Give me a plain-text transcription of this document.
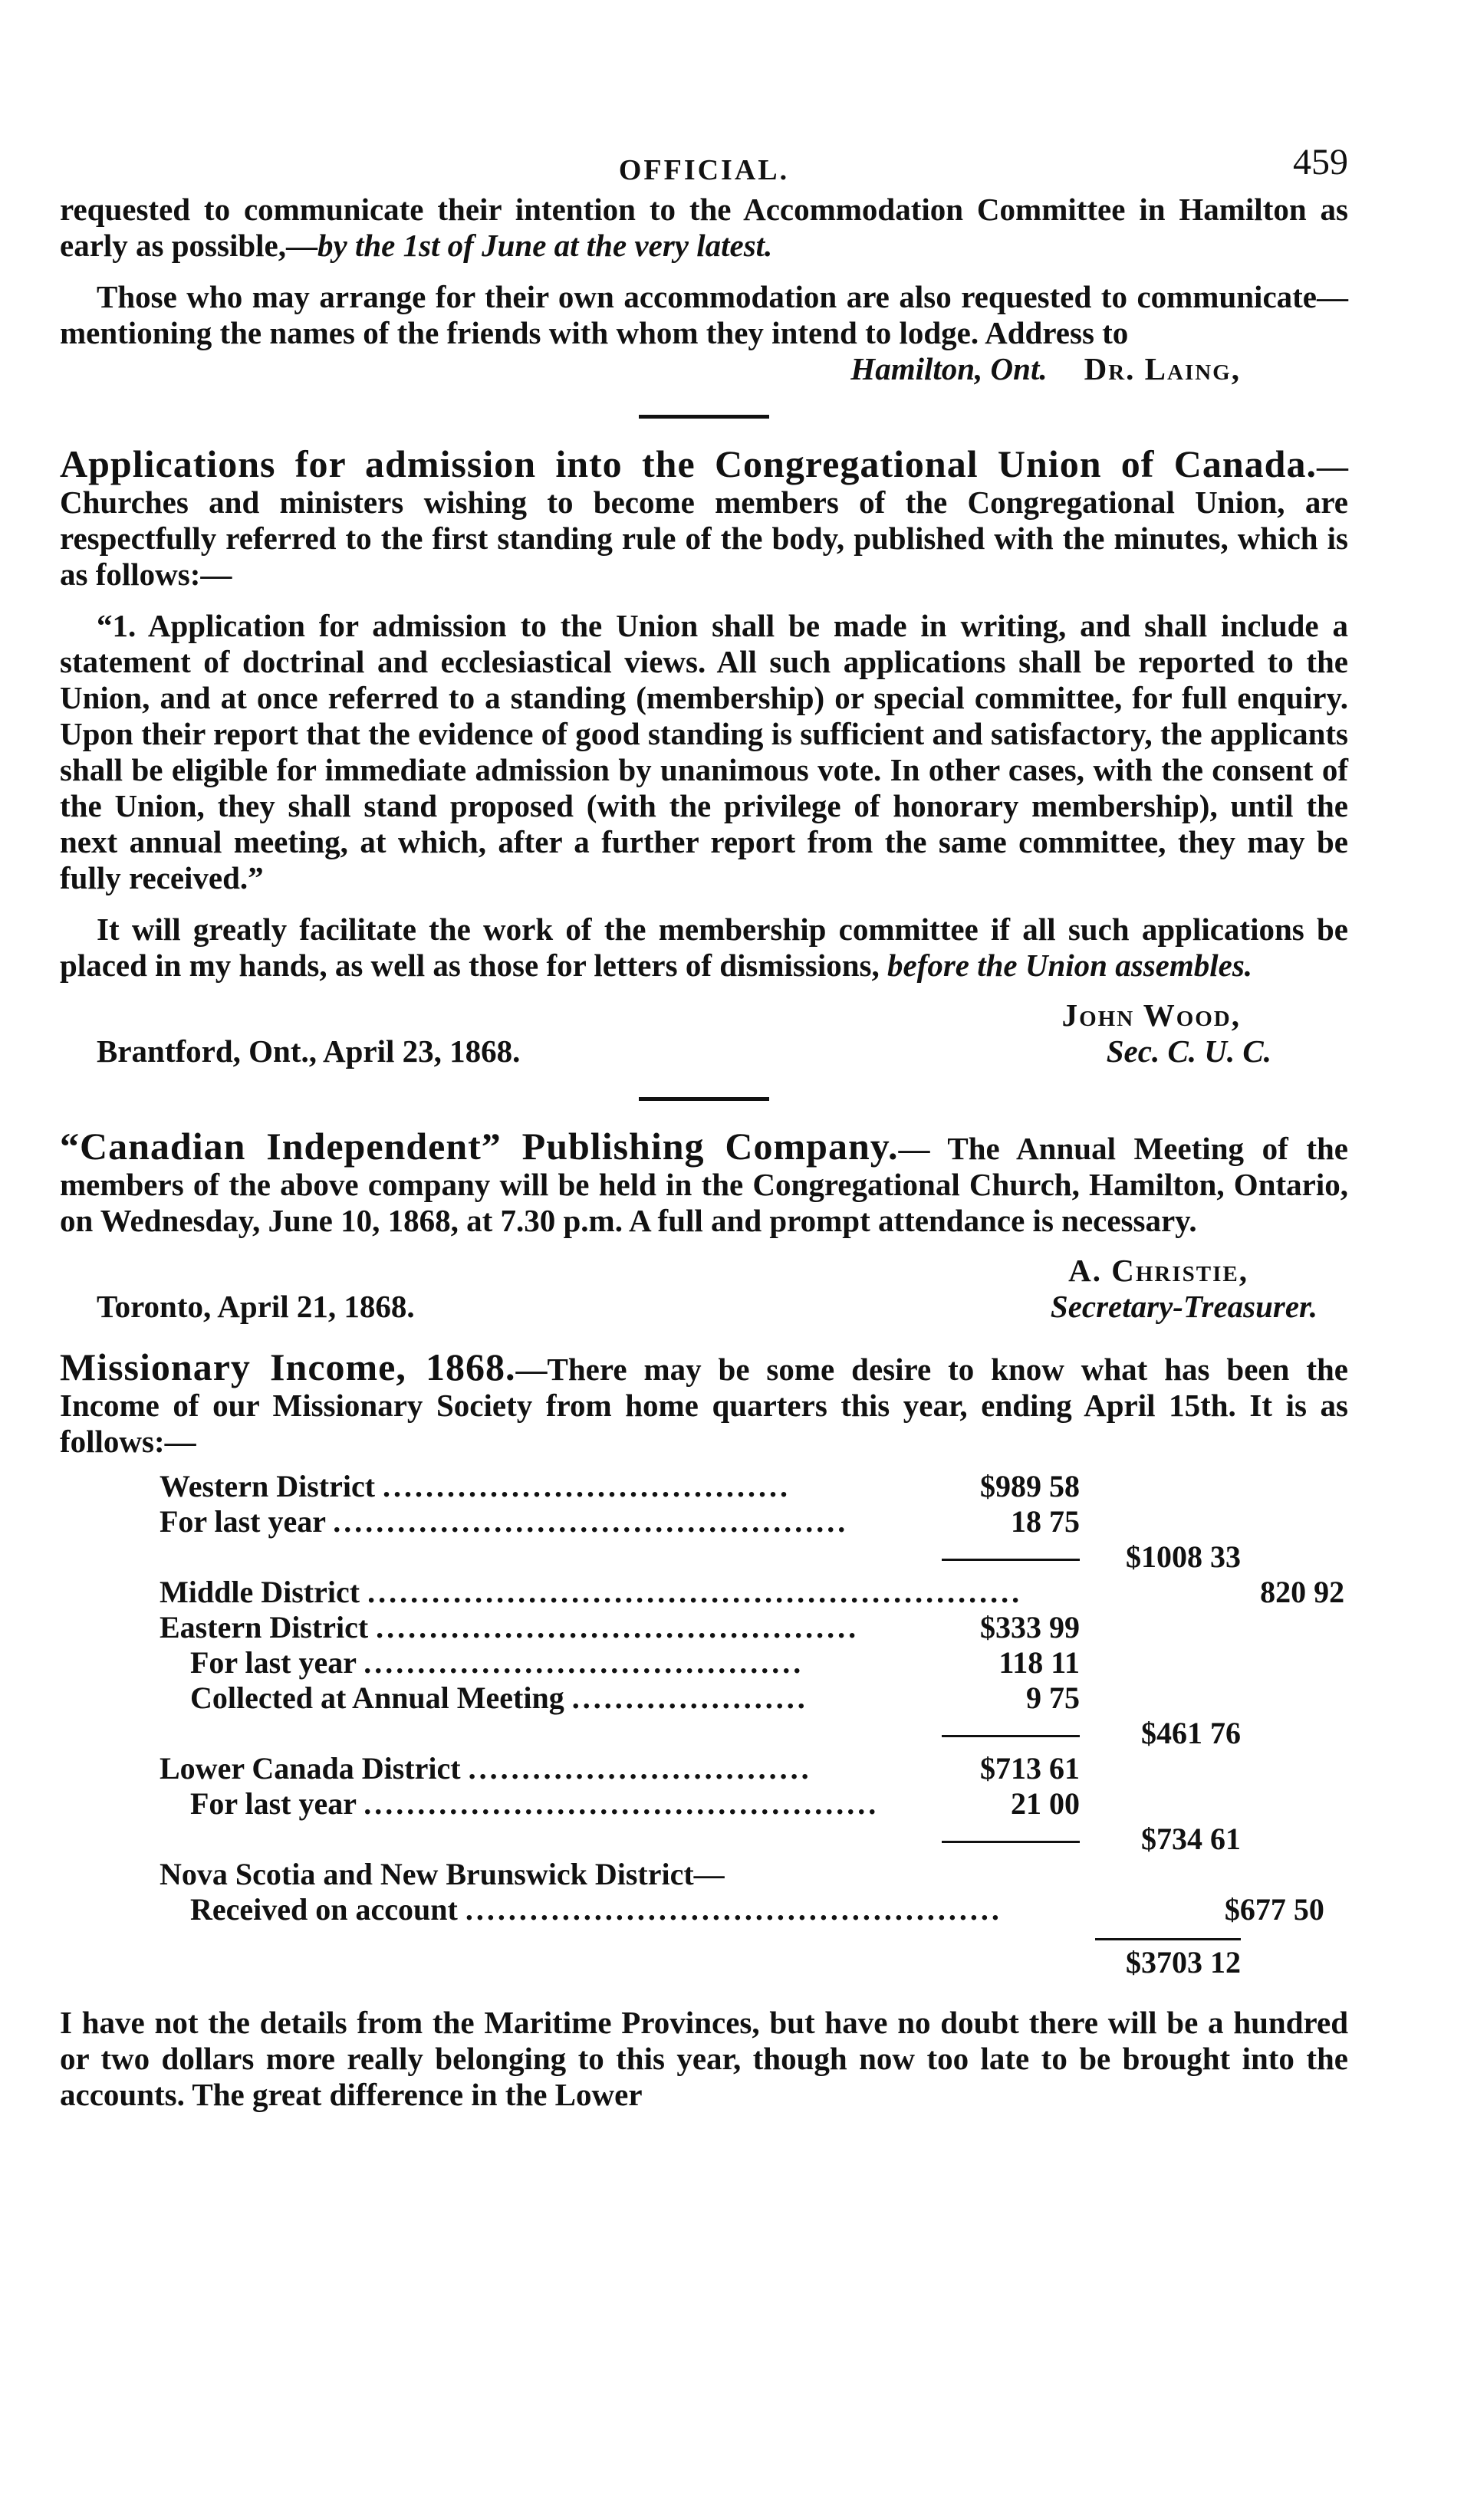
OFFICIAL.	459

requested to communicate their intention to the Accommodation Committee in Hamilton as early as possible,—by the 1st of June at the very latest.

Those who may arrange for their own accommodation are also requested to communicate—mentioning the names of the friends with whom they intend to lodge. Address to
Dr. Laing,

Hamilton, Ont.

Applications for admission into the Congregational Union of Canada.—Churches and ministers wishing to become members of the Congregational Union, are respectfully referred to the first standing rule of the body, published with the minutes, which is as follows:—

“1. Application for admission to the Union shall be made in writing, and shall include a statement of doctrinal and ecclesiastical views. All such applications shall be reported to the Union, and at once referred to a standing (membership) or special committee, for full enquiry. Upon their report that the evidence of good standing is sufficient and satisfactory, the applicants shall be eligible for immediate admission by unanimous vote. In other cases, with the consent of the Union, they shall stand proposed (with the privilege of honorary membership), until the next annual meeting, at which, after a further report from the same committee, they may be fully received.”

It will greatly facilitate the work of the membership committee if all such applications be placed in my hands, as well as those for letters of dismissions, before the Union assembles.

John Wood,
Brantford, Ont., April 23, 1868.	Sec. C. U. C.

“Canadian Independent” Publishing Company.— The Annual Meeting of the members of the above company will be held in the Congregational Church, Hamilton, Ontario, on Wednesday, June 10, 1868, at 7.30 p.m. A full and prompt attendance is necessary.

A. Christie,
Toronto, April 21, 1868.	Secretary-Treasurer.

Missionary Income, 1868.—There may be some desire to know what has been the Income of our Missionary Society from home quarters this year, ending April 15th. It is as follows:—

Western District ......................................	$989 58
For last year ................................................	18 75
$1008 33
Middle District .............................................................	820 92
Eastern District .............................................	$333 99
For last year .........................................	118 11
Collected at Annual Meeting ......................	9 75
$461 76
Lower Canada District ................................	$713 61
For last year ................................................	21 00
$734 61
Nova Scotia and New Brunswick District—
Received on account ..................................................	$677 50
$3703 12

I have not the details from the Maritime Provinces, but have no doubt there will be a hundred or two dollars more really belonging to this year, though now too late to be brought into the accounts. The great difference in the Lower
